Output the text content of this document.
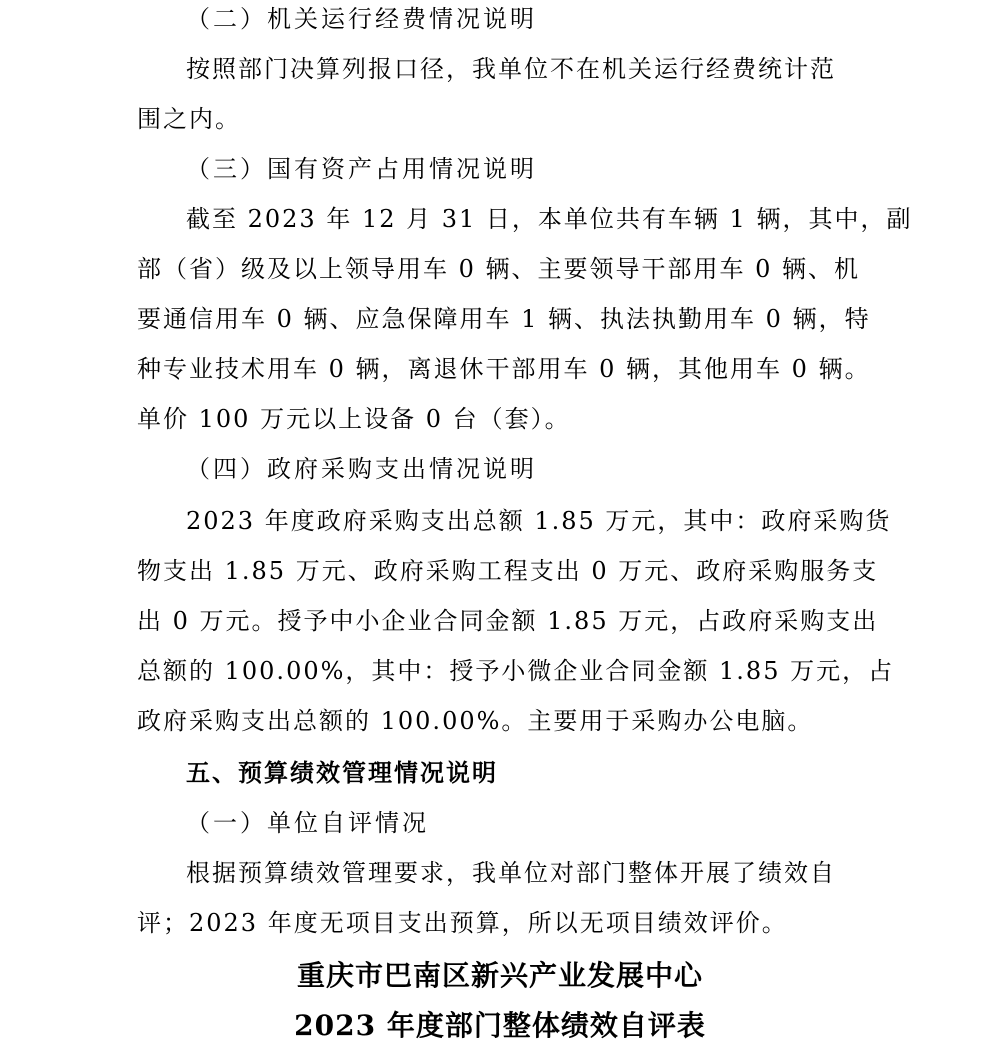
（二）机关运行经费情况说明
按照部门决算列报口径，我单位不在机关运行经费统计范
围之内。
（三）国有资产占用情况说明
截至 2023 年 12 月 31 日，本单位共有车辆 1 辆，其中，副
部（省）级及以上领导用车 0 辆、主要领导干部用车 0 辆、机
要通信用车 0 辆、应急保障用车 1 辆、执法执勤用车 0 辆，特
种专业技术用车 0 辆，离退休干部用车 0 辆，其他用车 0 辆。
单价 100 万元以上设备 0 台（套）。
（四）政府采购支出情况说明
2023 年度政府采购支出总额 1.85 万元，其中：政府采购货
物支出 1.85 万元、政府采购工程支出 0 万元、政府采购服务支
出 0 万元。授予中小企业合同金额 1.85 万元，占政府采购支出
总额的 100.00%，其中：授予小微企业合同金额 1.85 万元，占
政府采购支出总额的 100.00%。主要用于采购办公电脑。
五、预算绩效管理情况说明
（一）单位自评情况
根据预算绩效管理要求，我单位对部门整体开展了绩效自
评；2023 年度无项目支出预算，所以无项目绩效评价。
重庆市巴南区新兴产业发展中心
2023 年度部门整体绩效自评表
